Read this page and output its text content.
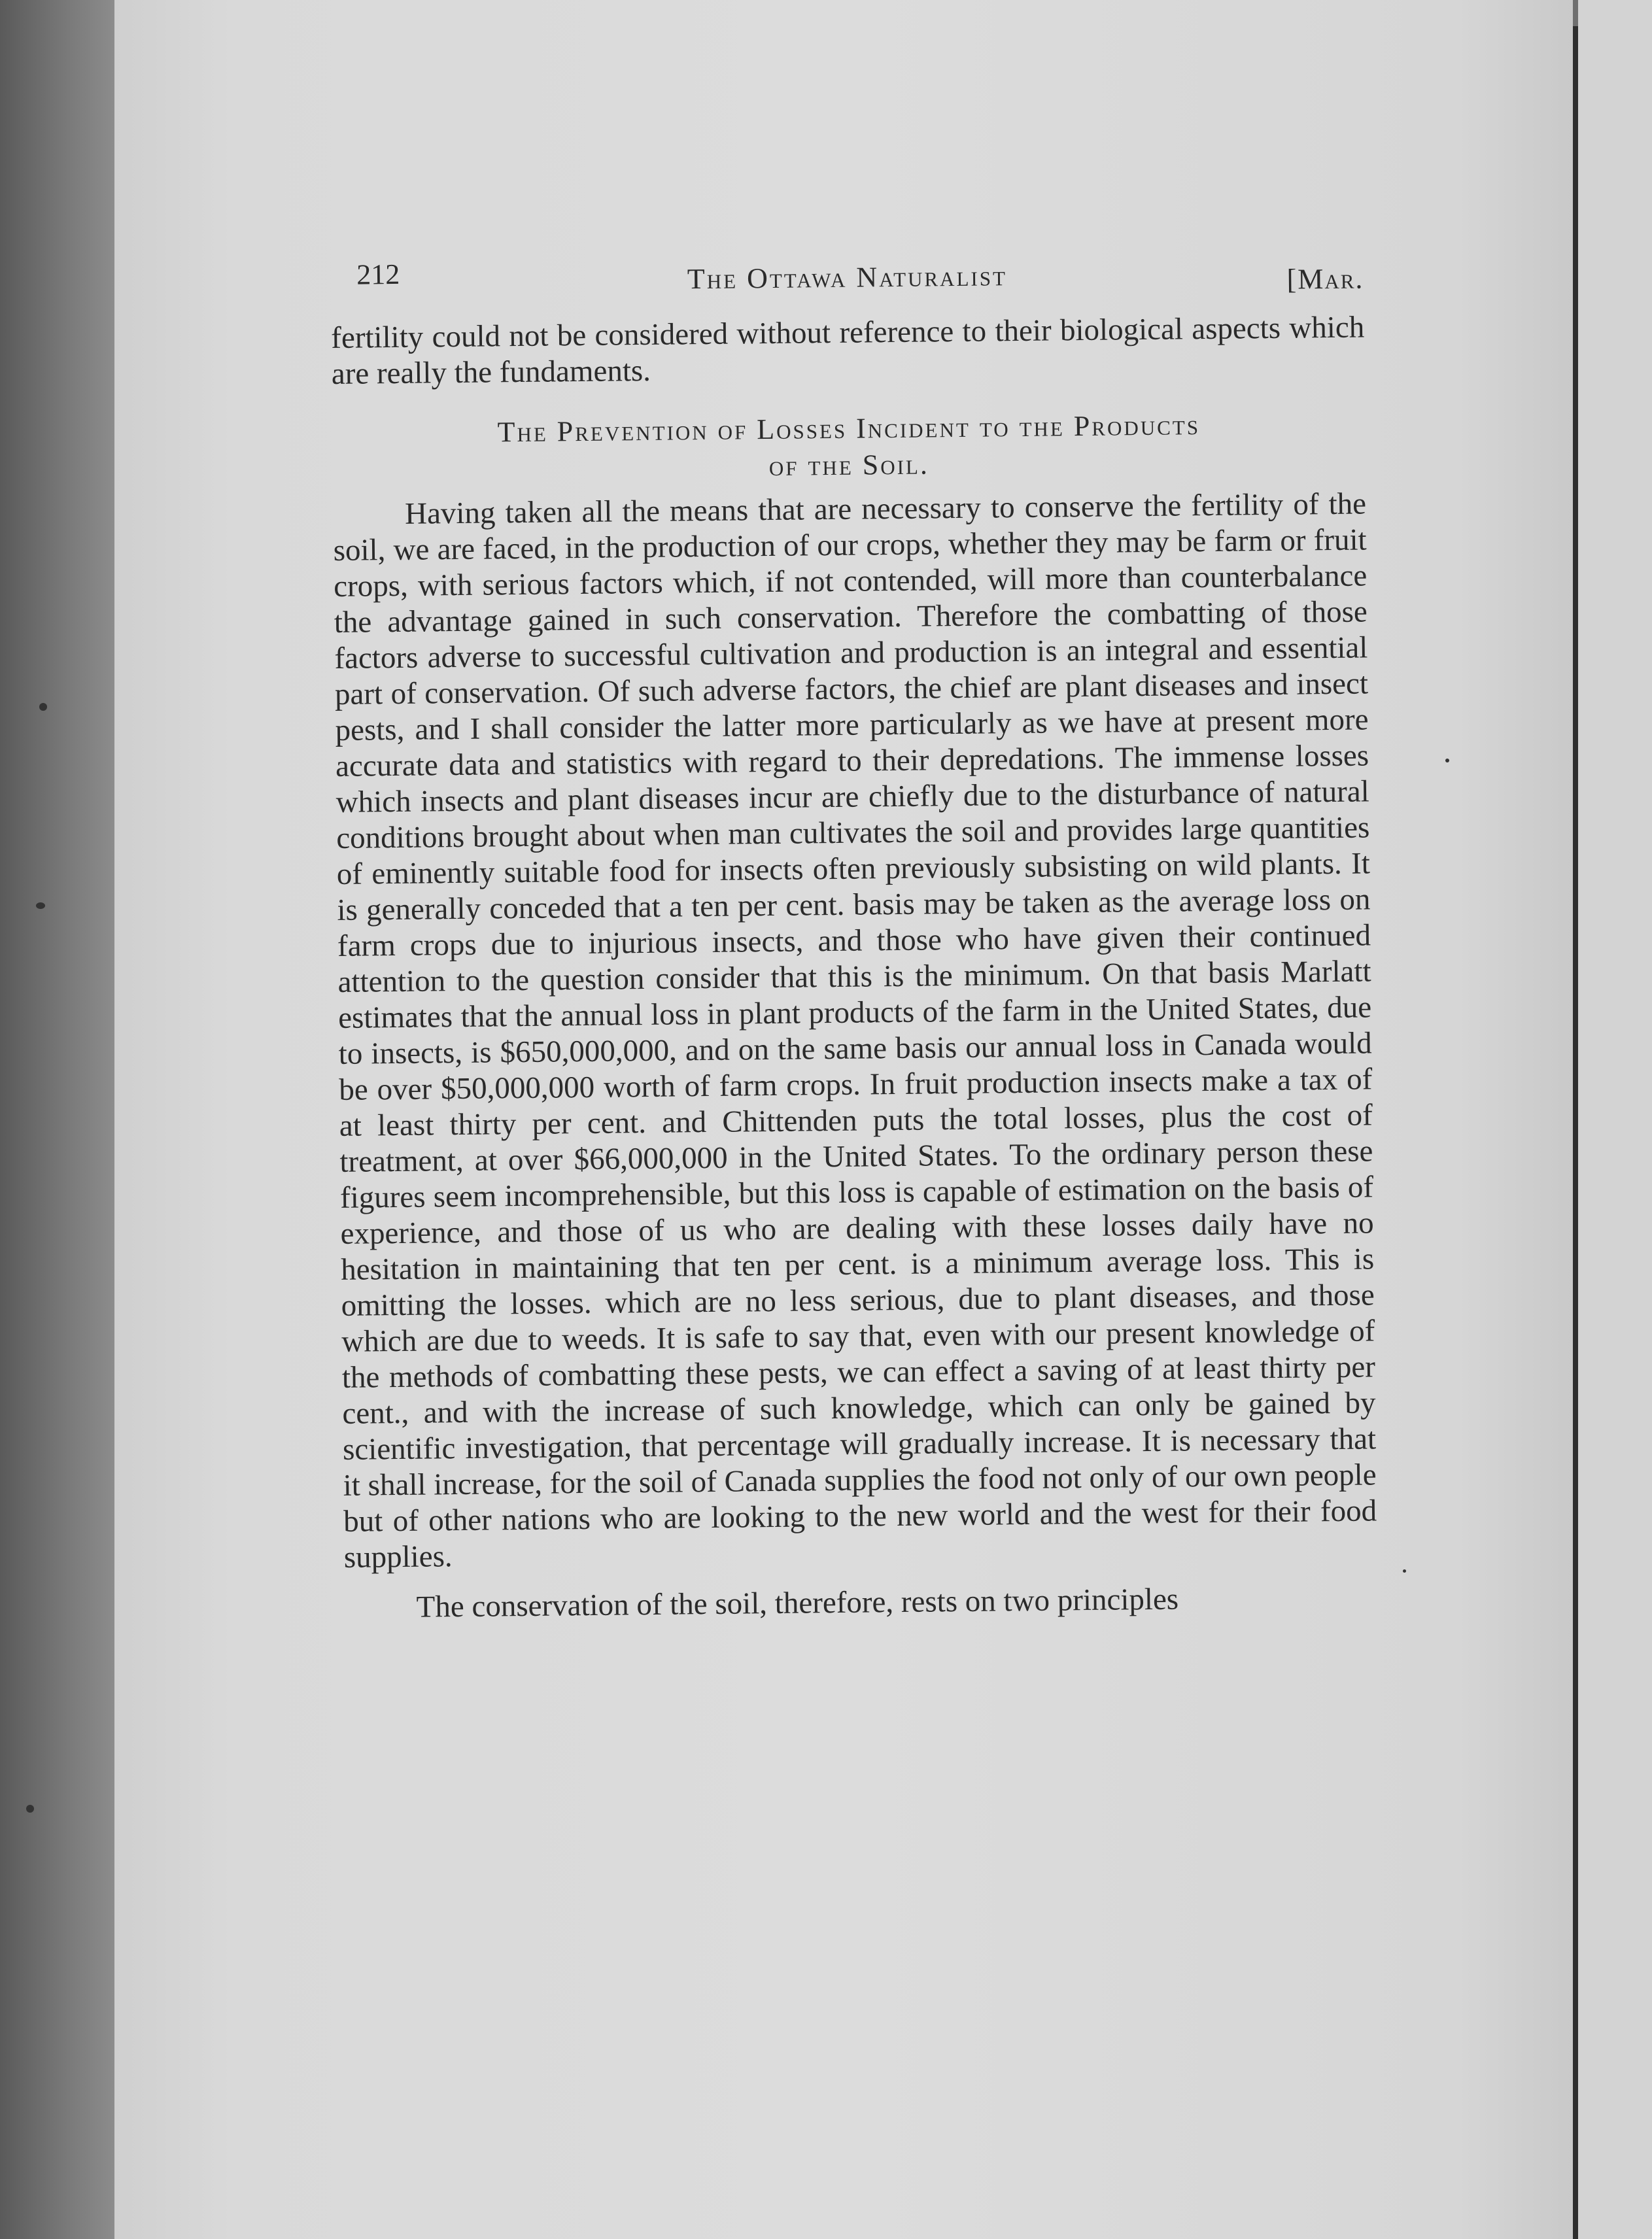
212	The Ottawa Naturalist	[Mar.

fertility could not be considered without reference to their biological aspects which are really the fundaments.

The Prevention of Losses Incident to the Products
of the Soil.

Having taken all the means that are necessary to conserve the fertility of the soil, we are faced, in the production of our crops, whether they may be farm or fruit crops, with serious factors which, if not contended, will more than counterbalance the advantage gained in such conservation. Therefore the combatting of those factors adverse to successful cultivation and production is an integral and essential part of conservation. Of such adverse factors, the chief are plant diseases and insect pests, and I shall consider the latter more particularly as we have at present more accurate data and statistics with regard to their depredations. The immense losses which insects and plant diseases incur are chiefly due to the disturbance of natural conditions brought about when man cultivates the soil and provides large quantities of eminently suitable food for insects often previously subsisting on wild plants. It is generally conceded that a ten per cent. basis may be taken as the average loss on farm crops due to injurious insects, and those who have given their continued attention to the question consider that this is the minimum. On that basis Marlatt estimates that the annual loss in plant products of the farm in the United States, due to insects, is $650,000,000, and on the same basis our annual loss in Canada would be over $50,000,000 worth of farm crops. In fruit production insects make a tax of at least thirty per cent. and Chittenden puts the total losses, plus the cost of treatment, at over $66,000,000 in the United States. To the ordinary person these figures seem incomprehensible, but this loss is capable of estimation on the basis of experience, and those of us who are dealing with these losses daily have no hesitation in maintaining that ten per cent. is a minimum average loss. This is omitting the losses. which are no less serious, due to plant diseases, and those which are due to weeds. It is safe to say that, even with our present knowledge of the methods of combatting these pests, we can effect a saving of at least thirty per cent., and with the increase of such knowledge, which can only be gained by scientific investigation, that percentage will gradually increase. It is necessary that it shall increase, for the soil of Canada supplies the food not only of our own people but of other nations who are looking to the new world and the west for their food supplies.

The conservation of the soil, therefore, rests on two principles
